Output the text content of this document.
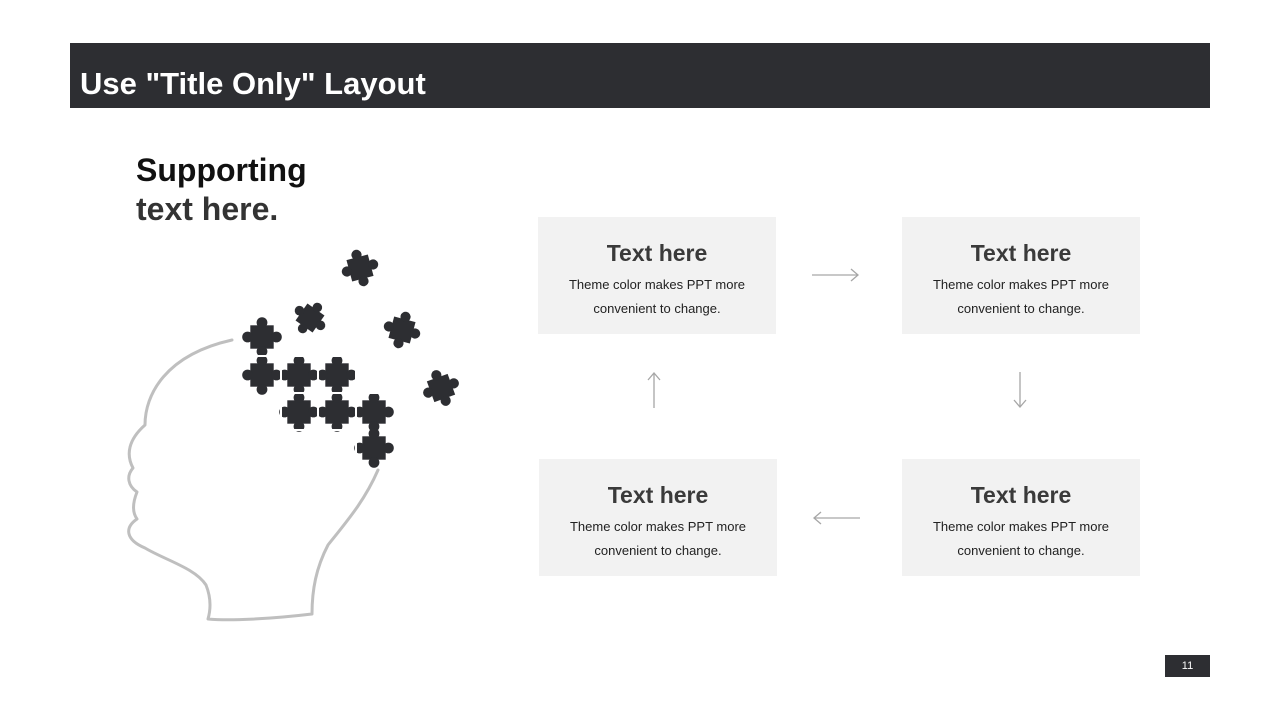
Use "Title Only" Layout
Supporting
text here.
Text here
Theme color makes PPT more convenient to change.
Text here
Theme color makes PPT more convenient to change.
Text here
Theme color makes PPT more convenient to change.
Text here
Theme color makes PPT more convenient to change.
11
